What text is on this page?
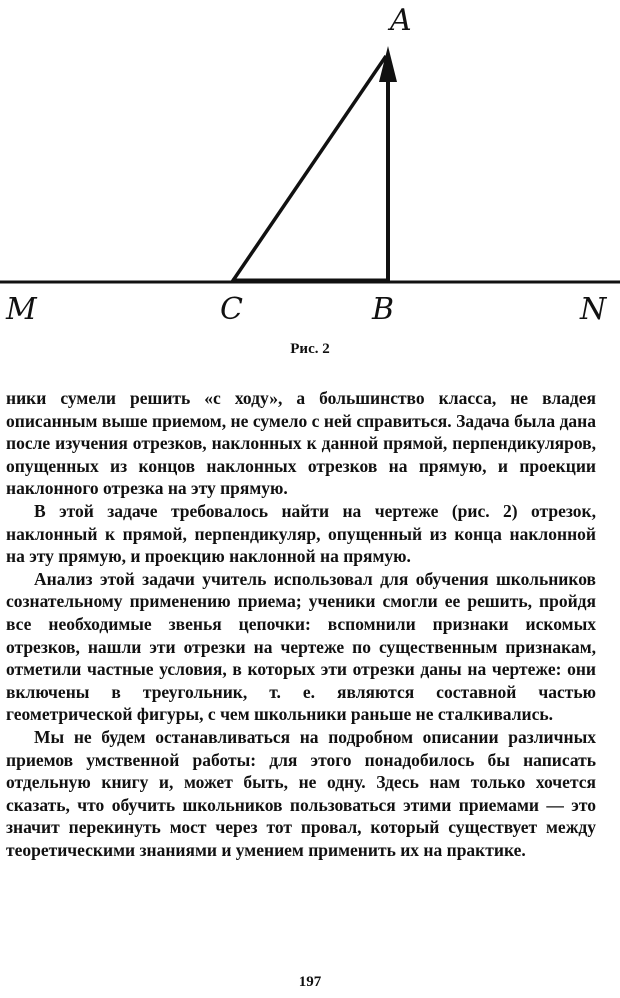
A
M	C	B	N
Рис. 2

ники сумели решить «с ходу», а большинство класса, не владея описанным выше приемом, не сумело с ней справиться. Задача была дана после изучения отрезков, наклонных к данной прямой, перпендикуляров, опущенных из концов наклонных отрезков на прямую, и проекции наклонного отрезка на эту прямую.

В этой задаче требовалось найти на чертеже (рис. 2) отрезок, наклонный к прямой, перпендикуляр, опущенный из конца наклонной на эту прямую, и проекцию наклонной на прямую.

Анализ этой задачи учитель использовал для обучения школьников сознательному применению приема; ученики смогли ее решить, пройдя все необходимые звенья цепочки: вспомнили признаки искомых отрезков, нашли эти отрезки на чертеже по существенным признакам, отметили частные условия, в которых эти отрезки даны на чертеже: они включены в треугольник, т. е. являются составной частью геометрической фигуры, с чем школьники раньше не сталкивались.

Мы не будем останавливаться на подробном описании различных приемов умственной работы: для этого понадобилось бы написать отдельную книгу и, может быть, не одну. Здесь нам только хочется сказать, что обучить школьников пользоваться этими приемами — это значит перекинуть мост через тот провал, который существует между теоретическими знаниями и умением применить их на практике.

197
